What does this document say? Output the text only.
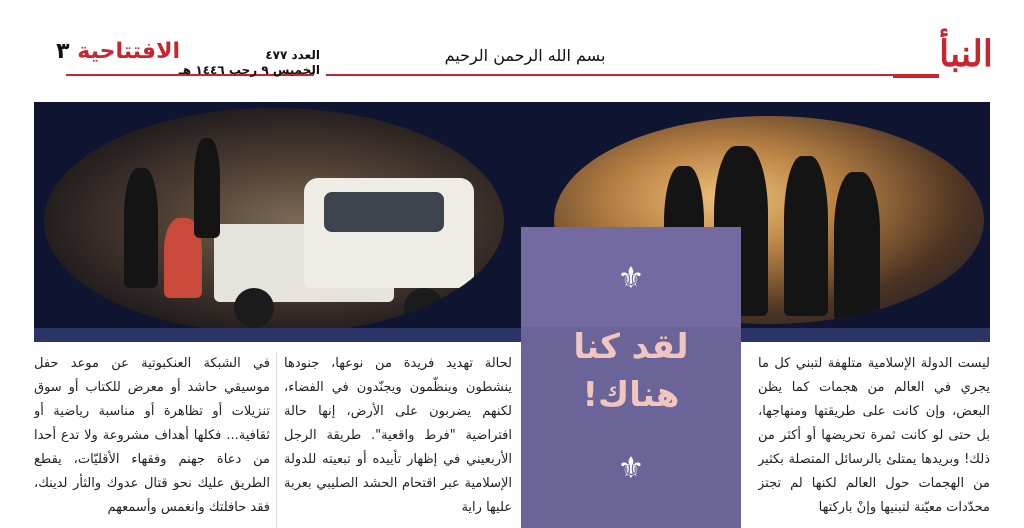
النبأ
بسم الله الرحمن الرحيم
العدد ٤٧٧
الخميس ٩ رجب ١٤٤٦ هـ
الافتتاحية ٣
⚜
لقد كنا هناك!
⚜
ليست الدولة الإسلامية متلهفة لتبني كل ما يجري في العالم من هجمات كما يظن البعض، وإن كانت على طريقتها ومنهاجها، بل حتى لو كانت ثمرة تحريضها أو أكثر من ذلك! وبريدها يمتلئ بالرسائل المتصلة بكثير من الهجمات حول العالم لكنها لم تجتز محدّدات معيّنة لتبنيها وإنْ باركتها
لحالة تهديد فريدة من نوعها، جنودها ينشطون وينظّمون ويجنّدون في الفضاء، لكنهم يضربون على الأرض، إنها حالة افتراضية "فرط واقعية". طريقة الرجل الأربعيني في إظهار تأييده أو تبعيته للدولة الإسلامية عبر اقتحام الحشد الصليبي بعربة عليها راية
في الشبكة العنكبوتية عن موعد حفل موسيقي حاشد أو معرض للكتاب أو سوق تنزيلات أو تظاهرة أو مناسبة رياضية أو ثقافية... فكلها أهداف مشروعة ولا تدع أحدا من دعاة جهنم وفقهاء الأقليّات، يقطع الطريق عليك نحو قتال عدوك والثأر لدينك، فقد حافلتك وانغمس وأسمعهم
